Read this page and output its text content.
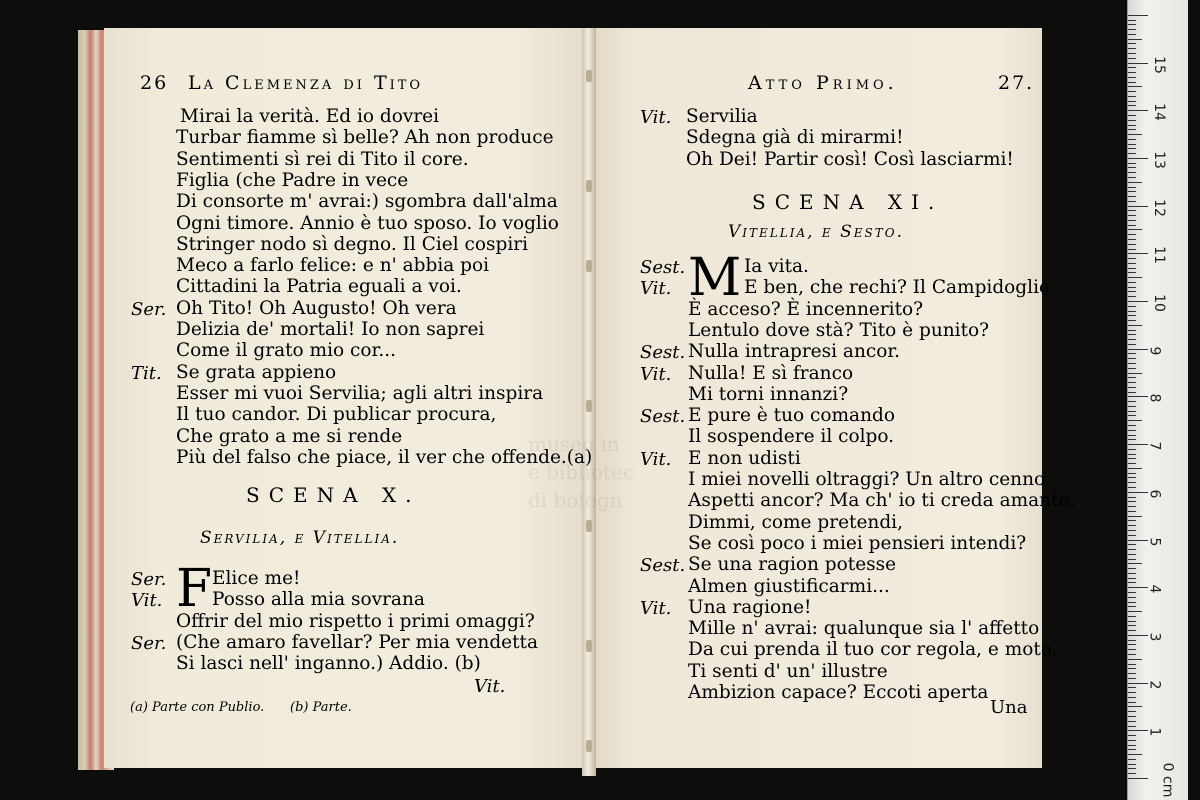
26 La Clemenza di Tito
Mirai la verità. Ed io dovrei
Turbar fiamme sì belle? Ah non produce
Sentimenti sì rei di Tito il core.
Figlia (che Padre in vece
Di consorte m' avrai:) sgombra dall'alma
Ogni timore. Annio è tuo sposo. Io voglio
Stringer nodo sì degno. Il Ciel cospiri
Meco a farlo felice: e n' abbia poi
Cittadini la Patria eguali a voi.
Ser. Oh Tito! Oh Augusto! Oh vera
Delizia de' mortali! Io non saprei
Come il grato mio cor...
Tit. Se grata appieno
Esser mi vuoi Servilia; agli altri inspira
Il tuo candor. Di publicar procura,
Che grato a me si rende
Più del falso che piace, il ver che offende.(a)
SCENA X.
Servilia, e Vitellia.
F
Ser. Elice me!
Vit.	Posso alla mia sovrana
Offrir del mio rispetto i primi omaggi?
Ser. (Che amaro favellar? Per mia vendetta
Si lasci nell' inganno.) Addio. (b)
Vit.
(a) Parte con Publio. (b) Parte.
museo in
e bibliotec
di bologn
Atto Primo.	27.
Vit. Servilia
Sdegna già di mirarmi!
Oh Dei! Partir così! Così lasciarmi!
SCENA XI.
Vitellia, e Sesto.
M
Sest.	Ia vita.
Vit.	E ben, che rechi? Il Campidoglio
È acceso? È incennerito?
Lentulo dove stà? Tito è punito?
Sest. Nulla intrapresi ancor.
Vit. Nulla! E sì franco
Mi torni innanzi?
Sest. E pure è tuo comando
Il sospendere il colpo.
Vit. E non udisti
I miei novelli oltraggi? Un altro cenno
Aspetti ancor? Ma ch' io ti creda amante,
Dimmi, come pretendi,
Se così poco i miei pensieri intendi?
Sest. Se una ragion potesse
Almen giustificarmi...
Vit. Una ragione!
Mille n' avrai: qualunque sia l' affetto
Da cui prenda il tuo cor regola, e moto.
Ti senti d' un' illustre
Ambizion capace? Eccoti aperta
Una
15
14
13
12
11
10
9
8
7
6
5
4
3
2
1
0 cm
